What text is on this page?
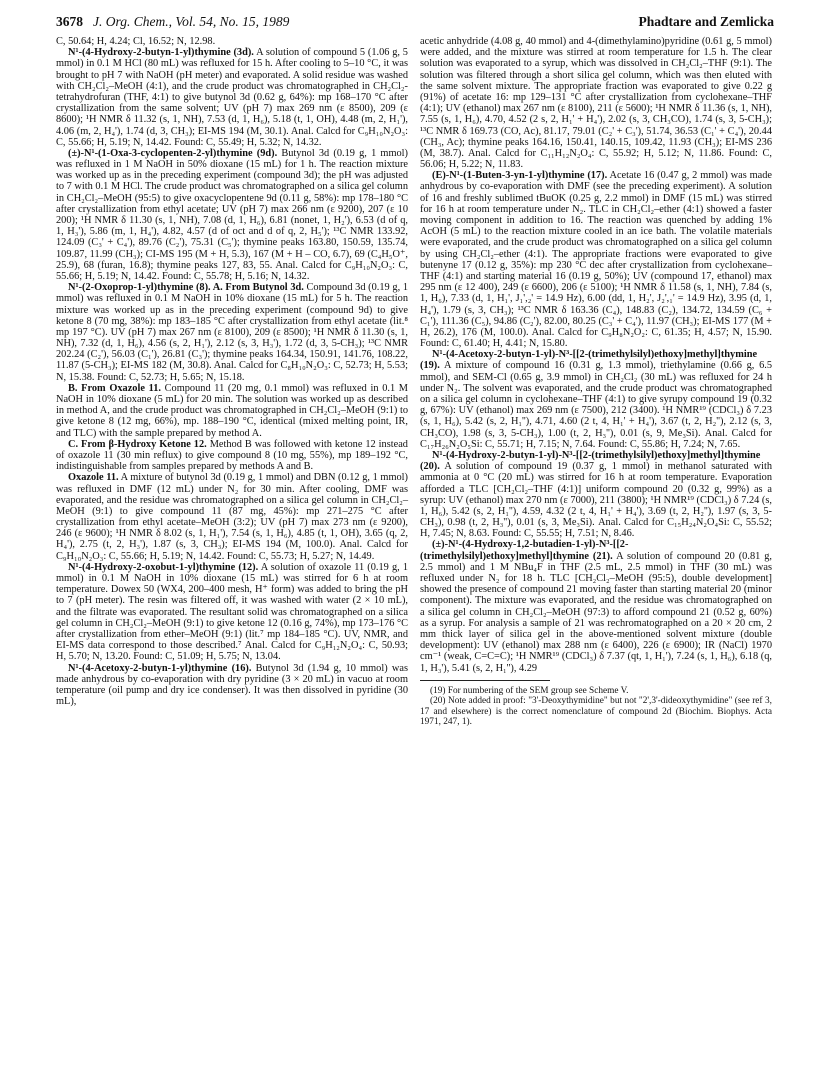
3678 J. Org. Chem., Vol. 54, No. 15, 1989	Phadtare and Zemlicka

C, 50.64; H, 4.24; Cl, 16.52; N, 12.98.

N¹-(4-Hydroxy-2-butyn-1-yl)thymine (3d). A solution of compound 5 (1.06 g, 5 mmol) in 0.1 M HCl (80 mL) was refluxed for 15 h. After cooling to 5–10 °C, it was brought to pH 7 with NaOH (pH meter) and evaporated. A solid residue was washed with CH₂Cl₂–MeOH (4:1), and the crude product was chromatographed in CH₂Cl₂-tetrahydrofuran (THF, 4:1) to give butynol 3d (0.62 g, 64%): mp 168–170 °C after crystallization from the same solvent; UV (pH 7) max 269 nm (ε 8500), 209 (ε 8600); ¹H NMR δ 11.32 (s, 1, NH), 7.53 (d, 1, H₆), 5.18 (t, 1, OH), 4.48 (m, 2, H₁'), 4.06 (m, 2, H₄'), 1.74 (d, 3, CH₃); EI-MS 194 (M, 30.1). Anal. Calcd for C₉H₁₀N₂O₃: C, 55.66; H, 5.19; N, 14.42. Found: C, 55.49; H, 5.32; N, 14.32.

(±)-N¹-(1-Oxa-3-cyclopenten-2-yl)thymine (9d). Butynol 3d (0.19 g, 1 mmol) was refluxed in 1 M NaOH in 50% dioxane (15 mL) for 1 h. The reaction mixture was worked up as in the preceding experiment (compound 3d); the pH was adjusted to 7 with 0.1 M HCl. The crude product was chromatographed on a silica gel column in CH₂Cl₂–MeOH (95:5) to give oxacyclopentene 9d (0.11 g, 58%): mp 178–180 °C after crystallization from ethyl acetate; UV (pH 7) max 266 nm (ε 9200), 207 (ε 10 200); ¹H NMR δ 11.30 (s, 1, NH), 7.08 (d, 1, H₆), 6.81 (nonet, 1, H₂'), 6.53 (d of q, 1, H₃'), 5.86 (m, 1, H₄'), 4.82, 4.57 (d of oct and d of q, 2, H₅'); ¹³C NMR 133.92, 124.09 (C₃' + C₄'), 89.76 (C₂'), 75.31 (C₅'); thymine peaks 163.80, 150.59, 135.74, 109.87, 11.99 (CH₃); CI-MS 195 (M + H, 5.3), 167 (M + H – CO, 6.7), 69 (C₄H₅O⁺, 25.9), 68 (furan, 16.8); thymine peaks 127, 83, 55. Anal. Calcd for C₉H₁₀N₂O₃: C, 55.66; H, 5.19; N, 14.42. Found: C, 55.78; H, 5.16; N, 14.32.

N¹-(2-Oxoprop-1-yl)thymine (8). A. From Butynol 3d. Compound 3d (0.19 g, 1 mmol) was refluxed in 0.1 M NaOH in 10% dioxane (15 mL) for 5 h. The reaction mixture was worked up as in the preceding experiment (compound 9d) to give ketone 8 (70 mg, 38%): mp 183–185 °C after crystallization from ethyl acetate (lit.⁸ mp 197 °C). UV (pH 7) max 267 nm (ε 8100), 209 (ε 8500); ¹H NMR δ 11.30 (s, 1, NH), 7.32 (d, 1, H₆), 4.56 (s, 2, H₁'), 2.12 (s, 3, H₃'), 1.72 (d, 3, 5-CH₃); ¹³C NMR 202.24 (C₂'), 56.03 (C₁'), 26.81 (C₃'); thymine peaks 164.34, 150.91, 141.76, 108.22, 11.87 (5-CH₃); EI-MS 182 (M, 30.8). Anal. Calcd for C₈H₁₀N₂O₃: C, 52.73; H, 5.53; N, 15.38. Found: C, 52.73; H, 5.65; N, 15.18.

B. From Oxazole 11. Compound 11 (20 mg, 0.1 mmol) was refluxed in 0.1 M NaOH in 10% dioxane (5 mL) for 20 min. The solution was worked up as described in method A, and the crude product was chromatographed in CH₂Cl₂–MeOH (9:1) to give ketone 8 (12 mg, 66%), mp. 188–190 °C, identical (mixed melting point, IR, and TLC) with the sample prepared by method A.

C. From β-Hydroxy Ketone 12. Method B was followed with ketone 12 instead of oxazole 11 (30 min reflux) to give compound 8 (10 mg, 55%), mp 189–192 °C, indistinguishable from samples prepared by methods A and B.

Oxazole 11. A mixture of butynol 3d (0.19 g, 1 mmol) and DBN (0.12 g, 1 mmol) was refluxed in DMF (12 mL) under N₂ for 30 min. After cooling, DMF was evaporated, and the residue was chromatographed on a silica gel column in CH₂Cl₂–MeOH (9:1) to give compound 11 (87 mg, 45%): mp 271–275 °C after crystallization from ethyl acetate–MeOH (3:2); UV (pH 7) max 273 nm (ε 9200), 246 (ε 9600); ¹H NMR δ 8.02 (s, 1, H₁'), 7.54 (s, 1, H₆), 4.85 (t, 1, OH), 3.65 (q, 2, H₄'), 2.75 (t, 2, H₃'), 1.87 (s, 3, CH₃); EI-MS 194 (M, 100.0). Anal. Calcd for C₉H₁₀N₂O₃: C, 55.66; H, 5.19; N, 14.42. Found: C, 55.73; H, 5.27; N, 14.49.

N¹-(4-Hydroxy-2-oxobut-1-yl)thymine (12). A solution of oxazole 11 (0.19 g, 1 mmol) in 0.1 M NaOH in 10% dioxane (15 mL) was stirred for 6 h at room temperature. Dowex 50 (WX4, 200–400 mesh, H⁺ form) was added to bring the pH to 7 (pH meter). The resin was filtered off, it was washed with water (2 × 10 mL), and the filtrate was evaporated. The resultant solid was chromatographed on a silica gel column in CH₂Cl₂–MeOH (9:1) to give ketone 12 (0.16 g, 74%), mp 173–176 °C after crystallization from ether–MeOH (9:1) (lit.⁷ mp 184–185 °C). UV, NMR, and EI-MS data correspond to those described.⁷ Anal. Calcd for C₉H₁₂N₂O₄: C, 50.93; H, 5.70; N, 13.20. Found: C, 51.09; H, 5.75; N, 13.04.

N¹-(4-Acetoxy-2-butyn-1-yl)thymine (16). Butynol 3d (1.94 g, 10 mmol) was made anhydrous by co-evaporation with dry pyridine (3 × 20 mL) in vacuo at room temperature (oil pump and dry ice condenser). It was then dissolved in pyridine (30 mL),

acetic anhydride (4.08 g, 40 mmol) and 4-(dimethylamino)pyridine (0.61 g, 5 mmol) were added, and the mixture was stirred at room temperature for 1.5 h. The clear solution was evaporated to a syrup, which was dissolved in CH₂Cl₂–THF (9:1). The solution was filtered through a short silica gel column, which was then eluted with the same solvent mixture. The appropriate fraction was evaporated to give 0.22 g (91%) of acetate 16: mp 129–131 °C after crystallization from cyclohexane–THF (4:1); UV (ethanol) max 267 nm (ε 8100), 211 (ε 5600); ¹H NMR δ 11.36 (s, 1, NH), 7.55 (s, 1, H₆), 4.70, 4.52 (2 s, 2, H₁' + H₄'), 2.02 (s, 3, CH₃CO), 1.74 (s, 3, 5-CH₃); ¹³C NMR δ 169.73 (CO, Ac), 81.17, 79.01 (C₂' + C₃'), 51.74, 36.53 (C₁' + C₄'), 20.44 (CH₃, Ac); thymine peaks 164.16, 150.41, 140.15, 109.42, 11.93 (CH₃); EI-MS 236 (M, 38.7). Anal. Calcd for C₁₁H₁₂N₂O₄: C, 55.92; H, 5.12; N, 11.86. Found: C, 56.06; H, 5.22; N, 11.83.

(E)-N¹-(1-Buten-3-yn-1-yl)thymine (17). Acetate 16 (0.47 g, 2 mmol) was made anhydrous by co-evaporation with DMF (see the preceding experiment). A solution of 16 and freshly sublimed tBuOK (0.25 g, 2.2 mmol) in DMF (15 mL) was stirred for 16 h at room temperature under N₂. TLC in CH₂Cl₂–ether (4:1) showed a faster moving component in addition to 16. The reaction was quenched by adding 1% AcOH (5 mL) to the reaction mixture cooled in an ice bath. The volatile materials were evaporated, and the crude product was chromatographed on a silica gel column by using CH₂Cl₂–ether (4:1). The appropriate fractions were evaporated to give butenyne 17 (0.12 g, 35%): mp 230 °C dec after crystallization from cyclohexane–THF (4:1) and starting material 16 (0.19 g, 50%); UV (compound 17, ethanol) max 295 nm (ε 12 400), 249 (ε 6600), 206 (ε 5100); ¹H NMR δ 11.58 (s, 1, NH), 7.84 (s, 1, H₆), 7.33 (d, 1, H₁', J₁',₂' = 14.9 Hz), 6.00 (dd, 1, H₂', J₂',₁' = 14.9 Hz), 3.95 (d, 1, H₄'), 1.79 (s, 3, CH₃); ¹³C NMR δ 163.36 (C₄), 148.83 (C₂), 134.72, 134.59 (C₆ + C₁'), 111.36 (C₅), 94.86 (C₂'), 82.00, 80.25 (C₃' + C₄'), 11.97 (CH₃); EI-MS 177 (M + H, 26.2), 176 (M, 100.0). Anal. Calcd for C₉H₈N₂O₂: C, 61.35; H, 4.57; N, 15.90. Found: C, 61.40; H, 4.41; N, 15.80.

N¹-(4-Acetoxy-2-butyn-1-yl)-N³-[[2-(trimethylsilyl)ethoxy]methyl]thymine (19). A mixture of compound 16 (0.31 g, 1.3 mmol), triethylamine (0.66 g, 6.5 mmol), and SEM-Cl (0.65 g, 3.9 mmol) in CH₂Cl₂ (30 mL) was refluxed for 24 h under N₂. The solvent was evaporated, and the crude product was chromatographed on a silica gel column in cyclohexane–THF (4:1) to give syrupy compound 19 (0.32 g, 67%): UV (ethanol) max 269 nm (ε 7500), 212 (3400). ¹H NMR¹⁹ (CDCl₃) δ 7.23 (s, 1, H₆), 5.42 (s, 2, H₁''), 4.71, 4.60 (2 t, 4, H₁' + H₄'), 3.67 (t, 2, H₂''), 2.12 (s, 3, CH₃CO), 1.98 (s, 3, 5-CH₃), 1.00 (t, 2, H₃''), 0.01 (s, 9, Me₃Si). Anal. Calcd for C₁₇H₂₆N₂O₅Si: C, 55.71; H, 7.15; N, 7.64. Found: C, 55.86; H, 7.24; N, 7.65.

N¹-(4-Hydroxy-2-butyn-1-yl)-N³-[[2-(trimethylsilyl)ethoxy]methyl]thymine (20). A solution of compound 19 (0.37 g, 1 mmol) in methanol saturated with ammonia at 0 °C (20 mL) was stirred for 16 h at room temperature. Evaporation afforded a TLC [CH₂Cl₂–THF (4:1)] uniform compound 20 (0.32 g, 99%) as a syrup: UV (ethanol) max 270 nm (ε 7000), 211 (3800); ¹H NMR¹⁹ (CDCl₃) δ 7.24 (s, 1, H₆), 5.42 (s, 2, H₁''), 4.59, 4.32 (2 t, 4, H₁' + H₄'), 3.69 (t, 2, H₂''), 1.97 (s, 3, 5-CH₃), 0.98 (t, 2, H₃''), 0.01 (s, 3, Me₃Si). Anal. Calcd for C₁₅H₂₄N₂O₄Si: C, 55.52; H, 7.45; N, 8.63. Found: C, 55.55; H, 7.51; N, 8.46.

(±)-N¹-(4-Hydroxy-1,2-butadien-1-yl)-N³-[[2-(trimethylsilyl)ethoxy]methyl]thymine (21). A solution of compound 20 (0.81 g, 2.5 mmol) and 1 M NBu₄F in THF (2.5 mL, 2.5 mmol) in THF (30 mL) was refluxed under N₂ for 18 h. TLC [CH₂Cl₂–MeOH (95:5), double development] showed the presence of compound 21 moving faster than starting material 20 (minor component). The mixture was evaporated, and the residue was chromatographed on a silica gel column in CH₂Cl₂–MeOH (97:3) to afford compound 21 (0.52 g, 60%) as a syrup. For analysis a sample of 21 was rechromatographed on a 20 × 20 cm, 2 mm thick layer of silica gel in the above-mentioned solvent mixture (double development): UV (ethanol) max 288 nm (ε 6400), 226 (ε 6900); IR (NaCl) 1970 cm⁻¹ (weak, C=C=C); ¹H NMR¹⁹ (CDCl₃) δ 7.37 (qt, 1, H₁'), 7.24 (s, 1, H₆), 6.18 (q, 1, H₃'), 5.41 (s, 2, H₁''), 4.29

(19) For numbering of the SEM group see Scheme V.

(20) Note added in proof: "3'-Deoxythymidine" but not "2',3'-dideoxythymidine" (see ref 3, 17 and elsewhere) is the correct nomenclature of compound 2d (Biochim. Biophys. Acta 1971, 247, 1).
